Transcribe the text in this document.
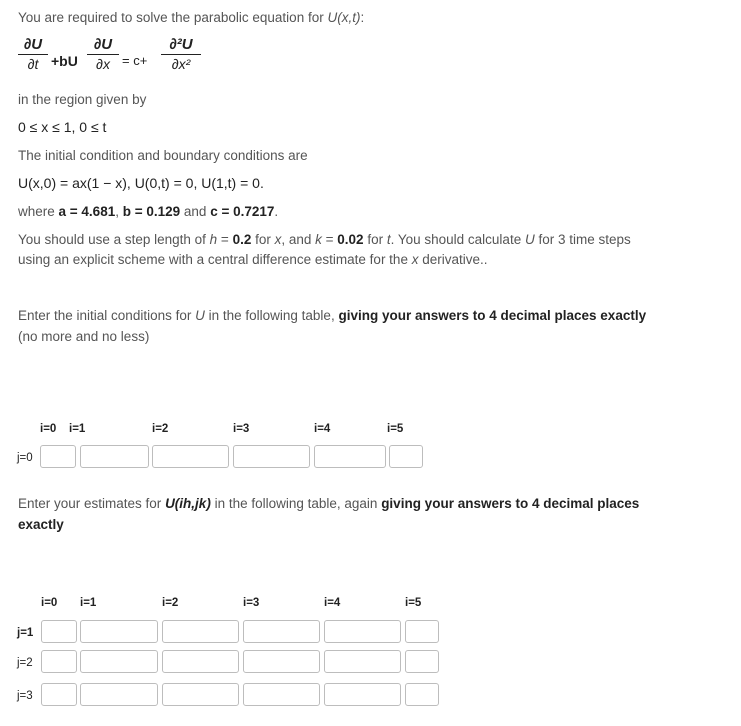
You are required to solve the parabolic equation for U(x,t):
∂U
∂t +bU
∂U
∂x = c+
∂²U
∂x²
in the region given by
0 ≤ x ≤ 1, 0 ≤ t
The initial condition and boundary conditions are
U(x,0) = ax(1 − x), U(0,t) = 0, U(1,t) = 0.
where a = 4.681, b = 0.129 and c = 0.7217.
You should use a step length of h = 0.2 for x, and k = 0.02 for t. You should calculate U for 3 time steps
using an explicit scheme with a central difference estimate for the x derivative..
Enter the initial conditions for U in the following table, giving your answers to 4 decimal places exactly
(no more and no less)
i=0 i=1	i=2	i=3	i=4	i=5
j=0
Enter your estimates for U(ih,jk) in the following table, again giving your answers to 4 decimal places
exactly
i=0 i=1	i=2	i=3	i=4	i=5
j=1
j=2
j=3
